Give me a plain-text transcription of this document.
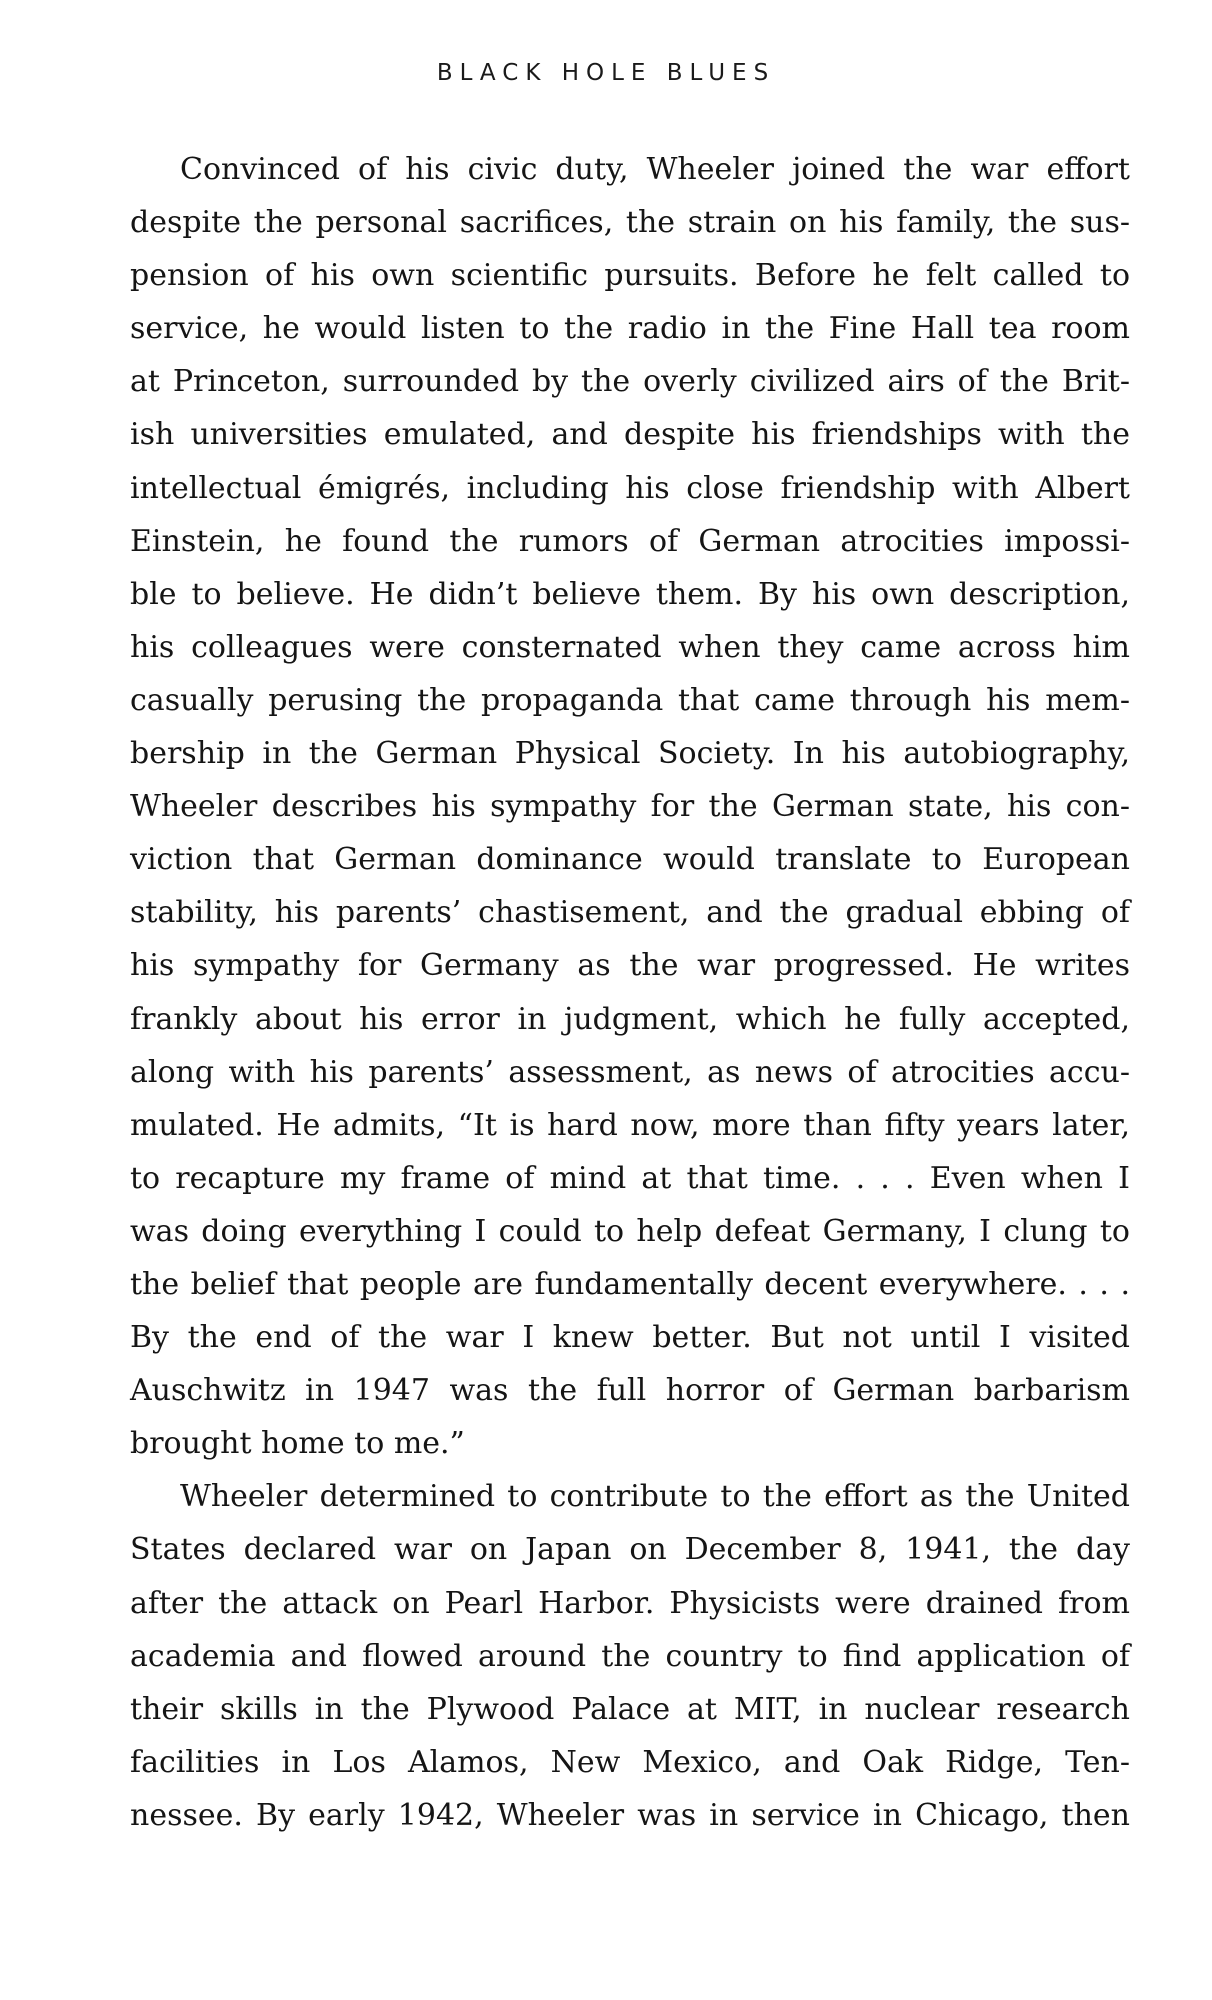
BLACK HOLE BLUES
Convinced of his civic duty, Wheeler joined the war effort
despite the personal sacrifices, the strain on his family, the sus-
pension of his own scientific pursuits. Before he felt called to
service, he would listen to the radio in the Fine Hall tea room
at Princeton, surrounded by the overly civilized airs of the Brit-
ish universities emulated, and despite his friendships with the
intellectual émigrés, including his close friendship with Albert
Einstein, he found the rumors of German atrocities impossi-
ble to believe. He didn’t believe them. By his own description,
his colleagues were consternated when they came across him
casually perusing the propaganda that came through his mem-
bership in the German Physical Society. In his autobiography,
Wheeler describes his sympathy for the German state, his con-
viction that German dominance would translate to European
stability, his parents’ chastisement, and the gradual ebbing of
his sympathy for Germany as the war progressed. He writes
frankly about his error in judgment, which he fully accepted,
along with his parents’ assessment, as news of atrocities accu-
mulated. He admits, “It is hard now, more than fifty years later,
to recapture my frame of mind at that time. . . . Even when I
was doing everything I could to help defeat Germany, I clung to
the belief that people are fundamentally decent everywhere. . . .
By the end of the war I knew better. But not until I visited
Auschwitz in 1947 was the full horror of German barbarism
brought home to me.”
Wheeler determined to contribute to the effort as the United
States declared war on Japan on December 8, 1941, the day
after the attack on Pearl Harbor. Physicists were drained from
academia and flowed around the country to find application of
their skills in the Plywood Palace at MIT, in nuclear research
facilities in Los Alamos, New Mexico, and Oak Ridge, Ten-
nessee. By early 1942, Wheeler was in service in Chicago, then
